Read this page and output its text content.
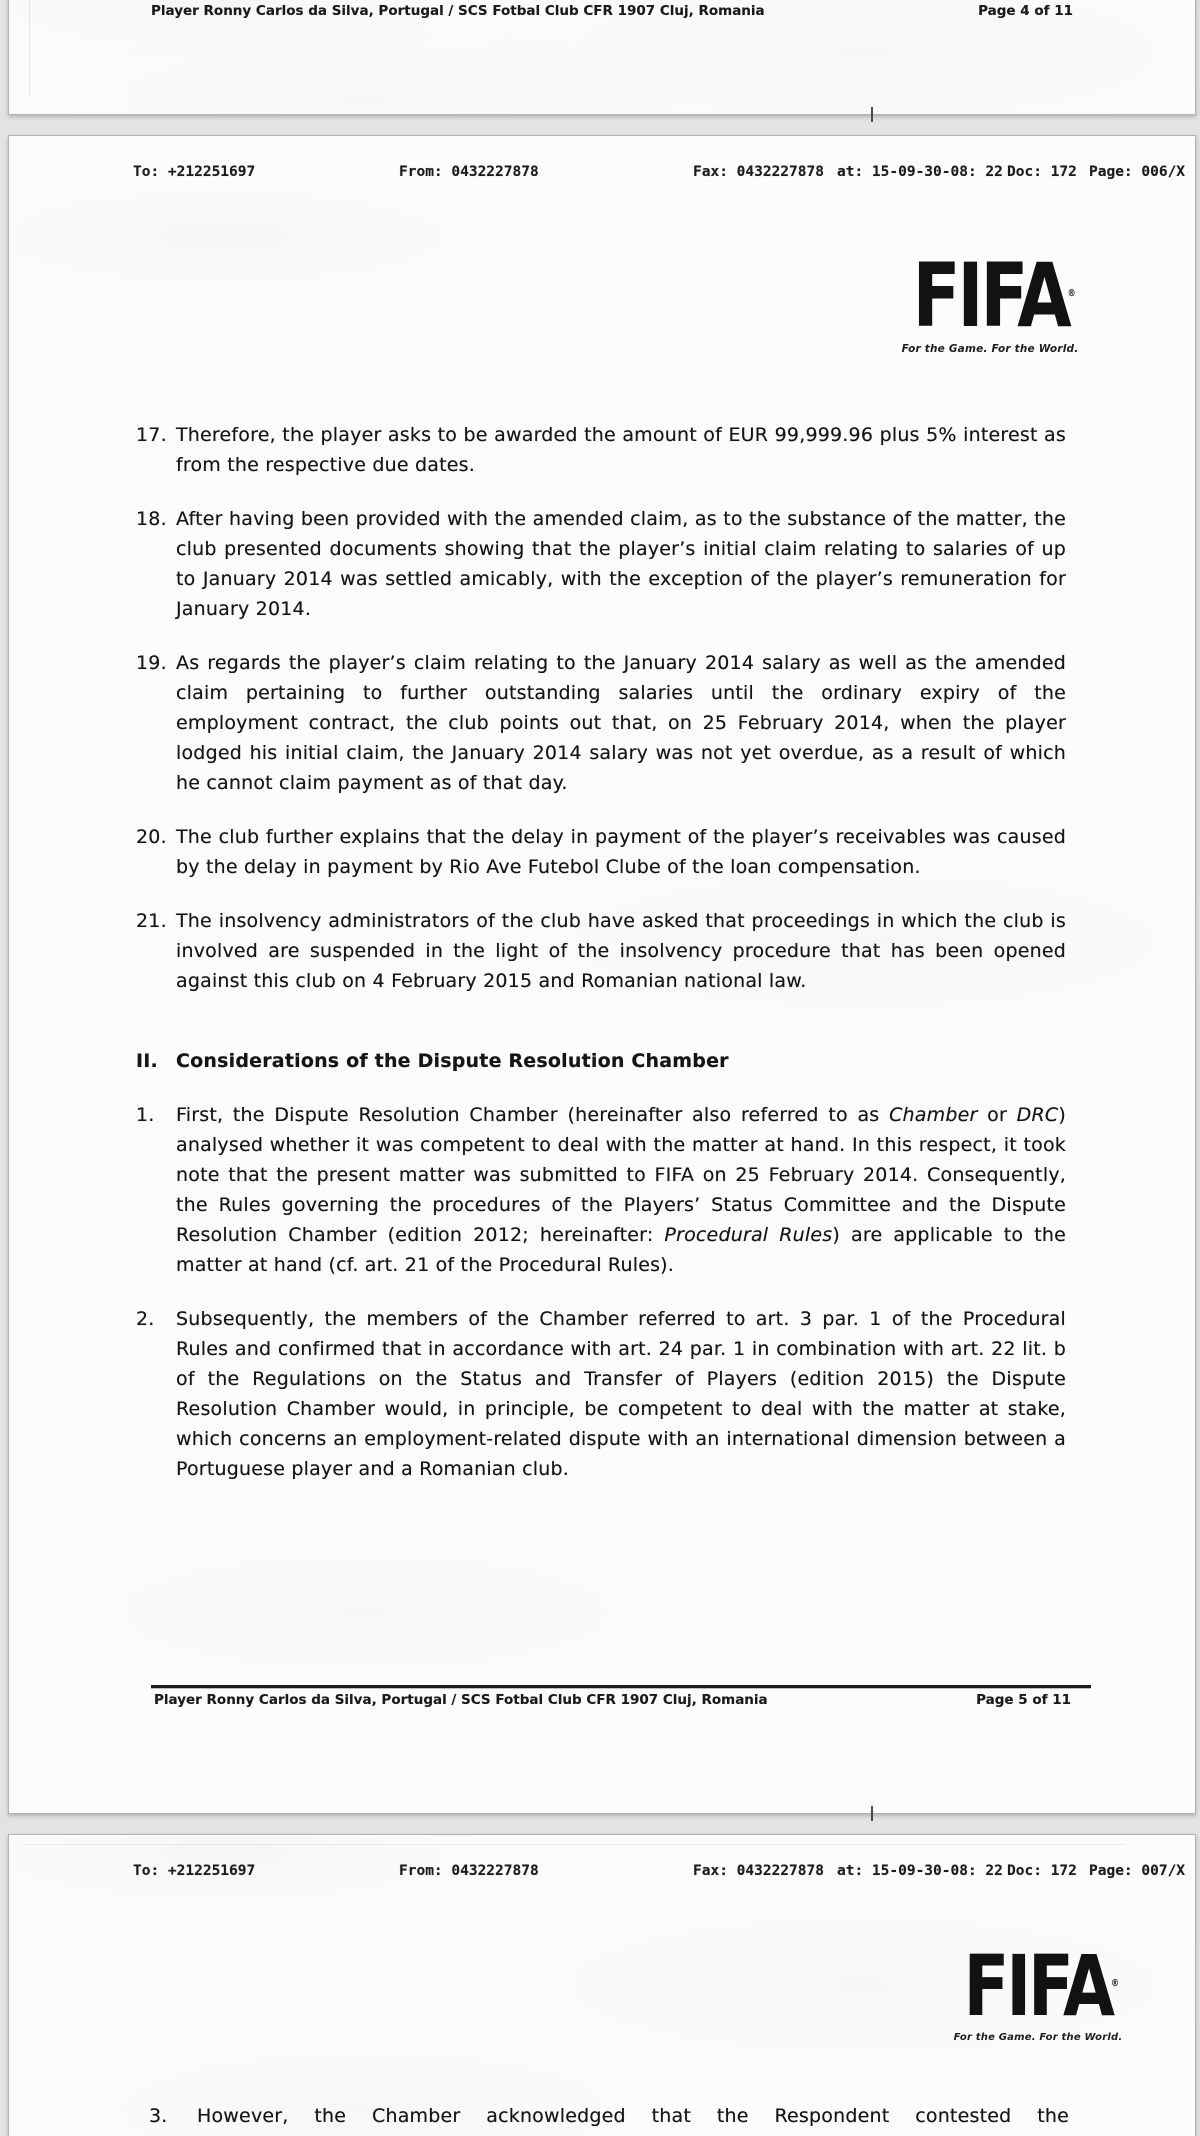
Player Ronny Carlos da Silva, Portugal / SCS Fotbal Club CFR 1907 Cluj, Romania	Page 4 of 11
To: +212251697	From: 0432227878	Fax: 0432227878 at: 15-09-30-08: 22 Doc: 172 Page: 006/X
FIFA ®
For the Game. For the World.
17. Therefore, the player asks to be awarded the amount of EUR 99,999.96 plus 5% interest as from the respective due dates.
18. After having been provided with the amended claim, as to the substance of the matter, the club presented documents showing that the player’s initial claim relating to salaries of up to January 2014 was settled amicably, with the exception of the player’s remuneration for January 2014.
19. As regards the player’s claim relating to the January 2014 salary as well as the amended claim pertaining to further outstanding salaries until the ordinary expiry of the employment contract, the club points out that, on 25 February 2014, when the player lodged his initial claim, the January 2014 salary was not yet overdue, as a result of which he cannot claim payment as of that day.
20. The club further explains that the delay in payment of the player’s receivables was caused by the delay in payment by Rio Ave Futebol Clube of the loan compensation.
21. The insolvency administrators of the club have asked that proceedings in which the club is involved are suspended in the light of the insolvency procedure that has been opened against this club on 4 February 2015 and Romanian national law.
II. Considerations of the Dispute Resolution Chamber
1.	First, the Dispute Resolution Chamber (hereinafter also referred to as Chamber or DRC) analysed whether it was competent to deal with the matter at hand. In this respect, it took note that the present matter was submitted to FIFA on 25 February 2014. Consequently, the Rules governing the procedures of the Players’ Status Committee and the Dispute Resolution Chamber (edition 2012; hereinafter: Procedural Rules) are applicable to the matter at hand (cf. art. 21 of the Procedural Rules).
2.	Subsequently, the members of the Chamber referred to art. 3 par. 1 of the Procedural Rules and confirmed that in accordance with art. 24 par. 1 in combination with art. 22 lit. b of the Regulations on the Status and Transfer of Players (edition 2015) the Dispute Resolution Chamber would, in principle, be competent to deal with the matter at stake, which concerns an employment-related dispute with an international dimension between a Portuguese player and a Romanian club.
Player Ronny Carlos da Silva, Portugal / SCS Fotbal Club CFR 1907 Cluj, Romania	Page 5 of 11
To: +212251697	From: 0432227878	Fax: 0432227878 at: 15-09-30-08: 22 Doc: 172 Page: 007/X
FIFA ®
For the Game. For the World.
3.	However, the Chamber acknowledged that the Respondent contested the
